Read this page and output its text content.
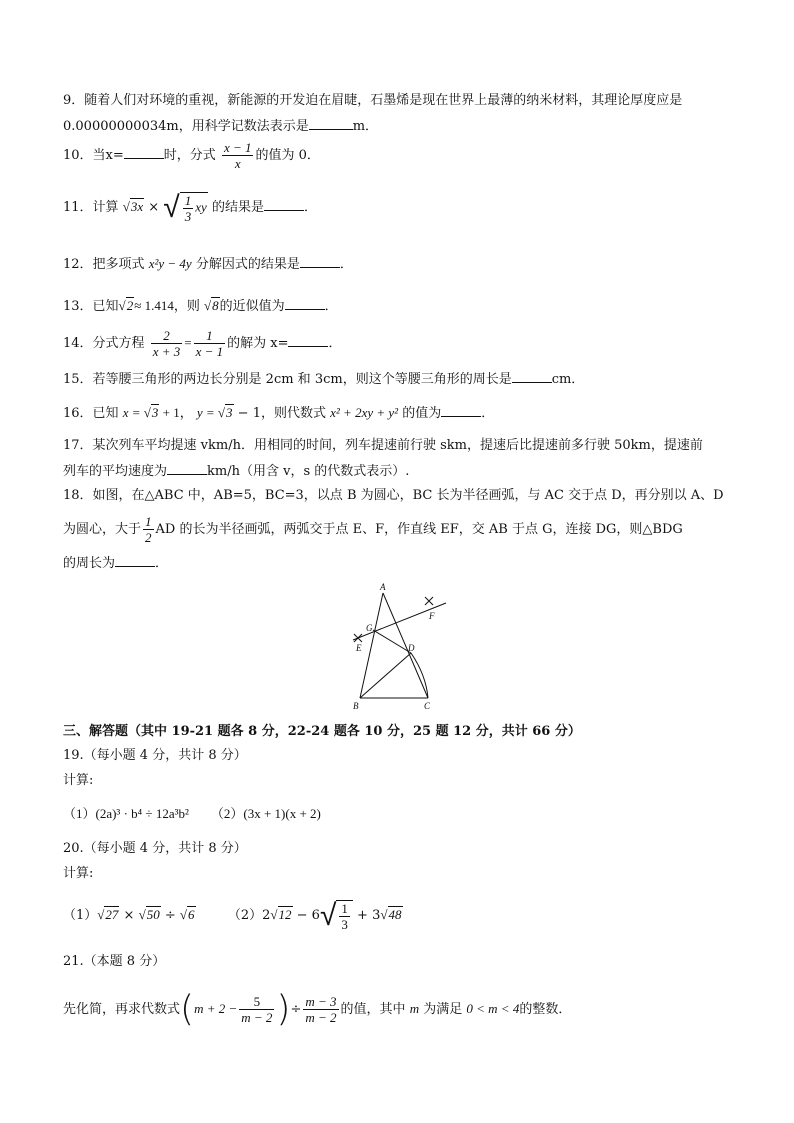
9．随着人们对环境的重视，新能源的开发迫在眉睫，石墨烯是现在世界上最薄的纳米材料，其理论厚度应是
0.00000000034m，用科学记数法表示是	m．
10．当x=	时，分式 $\frac{x - 1}{x}$ 的值为 0．
11．计算 √3x × √ $\frac{1}{3}$ xy 的结果是	．
12．把多项式 x²y − 4y 分解因式的结果是	．
13．已知√2≈ 1.414，则 √8的近似值为	．
14．分式方程 $\frac{2}{x + 3} = \frac{1}{x - 1}$ 的解为 x=	．
15．若等腰三角形的两边长分别是 2cm 和 3cm，则这个等腰三角形的周长是	cm．
16．已知 x = √3 + 1， y = √3 − 1，则代数式 x² + 2xy + y² 的值为	．
17．某次列车平均提速 vkm/h．用相同的时间，列车提速前行驶 skm，提速后比提速前多行驶 50km，提速前
列车的平均速度为	km/h（用含 v，s 的代数式表示）.
18．如图，在△ABC 中，AB=5，BC=3，以点 B 为圆心，BC 长为半径画弧，与 AC 交于点 D，再分别以 A、D
为圆心，大于 $\frac{1}{2}$ AD 的长为半径画弧，两弧交于点 E、F，作直线 EF，交 AB 于点 G，连接 DG，则△BDG
的周长为	．
A
B	C
D
E
F
G
三、解答题（其中 19-21 题各 8 分，22-24 题各 10 分，25 题 12 分，共计 66 分）
19.（每小题 4 分，共计 8 分）
计算:
（1）(2a)³ · b⁴ ÷ 12a³b² （2）(3x + 1)(x + 2)
20.（每小题 4 分，共计 8 分）
计算:
（1）√27 × √50 ÷ √6	$(2)2√12 - 6√ \frac{1}{3} + 3√48$
21.（本题 8 分）
先化简，再求代数式($m + 2 - \frac{5}{m - 2}$ )÷ $\frac{m - 3}{m - 2}$ 的值，其中 m 为满足 0 < m < 4的整数．
